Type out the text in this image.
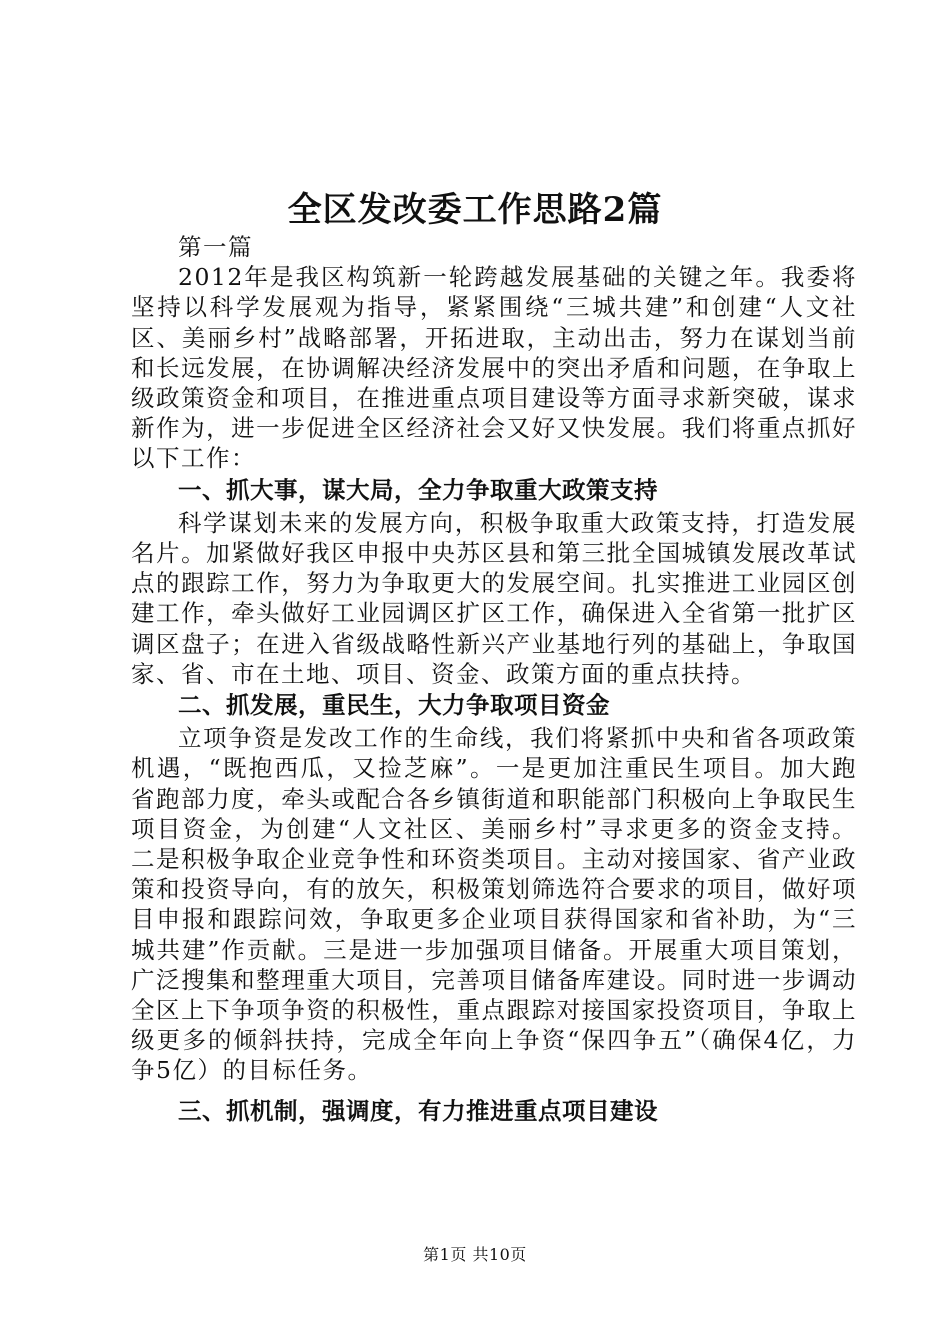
全区发改委工作思路2篇

第一篇

2012年是我区构筑新一轮跨越发展基础的关键之年。我委将坚持以科学发展观为指导，紧紧围绕“三城共建”和创建“人文社区、美丽乡村”战略部署，开拓进取，主动出击，努力在谋划当前和长远发展，在协调解决经济发展中的突出矛盾和问题，在争取上级政策资金和项目，在推进重点项目建设等方面寻求新突破，谋求新作为，进一步促进全区经济社会又好又快发展。我们将重点抓好以下工作：

一、抓大事，谋大局，全力争取重大政策支持

科学谋划未来的发展方向，积极争取重大政策支持，打造发展名片。加紧做好我区申报中央苏区县和第三批全国城镇发展改革试点的跟踪工作，努力为争取更大的发展空间。扎实推进工业园区创建工作，牵头做好工业园调区扩区工作，确保进入全省第一批扩区调区盘子；在进入省级战略性新兴产业基地行列的基础上，争取国家、省、市在土地、项目、资金、政策方面的重点扶持。

二、抓发展，重民生，大力争取项目资金

立项争资是发改工作的生命线，我们将紧抓中央和省各项政策机遇，“既抱西瓜，又捡芝麻”。一是更加注重民生项目。加大跑省跑部力度，牵头或配合各乡镇街道和职能部门积极向上争取民生项目资金，为创建“人文社区、美丽乡村”寻求更多的资金支持。二是积极争取企业竞争性和环资类项目。主动对接国家、省产业政策和投资导向，有的放矢，积极策划筛选符合要求的项目，做好项目申报和跟踪问效，争取更多企业项目获得国家和省补助，为“三城共建”作贡献。三是进一步加强项目储备。开展重大项目策划，广泛搜集和整理重大项目，完善项目储备库建设。同时进一步调动全区上下争项争资的积极性，重点跟踪对接国家投资项目，争取上级更多的倾斜扶持，完成全年向上争资“保四争五”（确保4亿，力争5亿）的目标任务。

三、抓机制，强调度，有力推进重点项目建设

第1页 共10页
